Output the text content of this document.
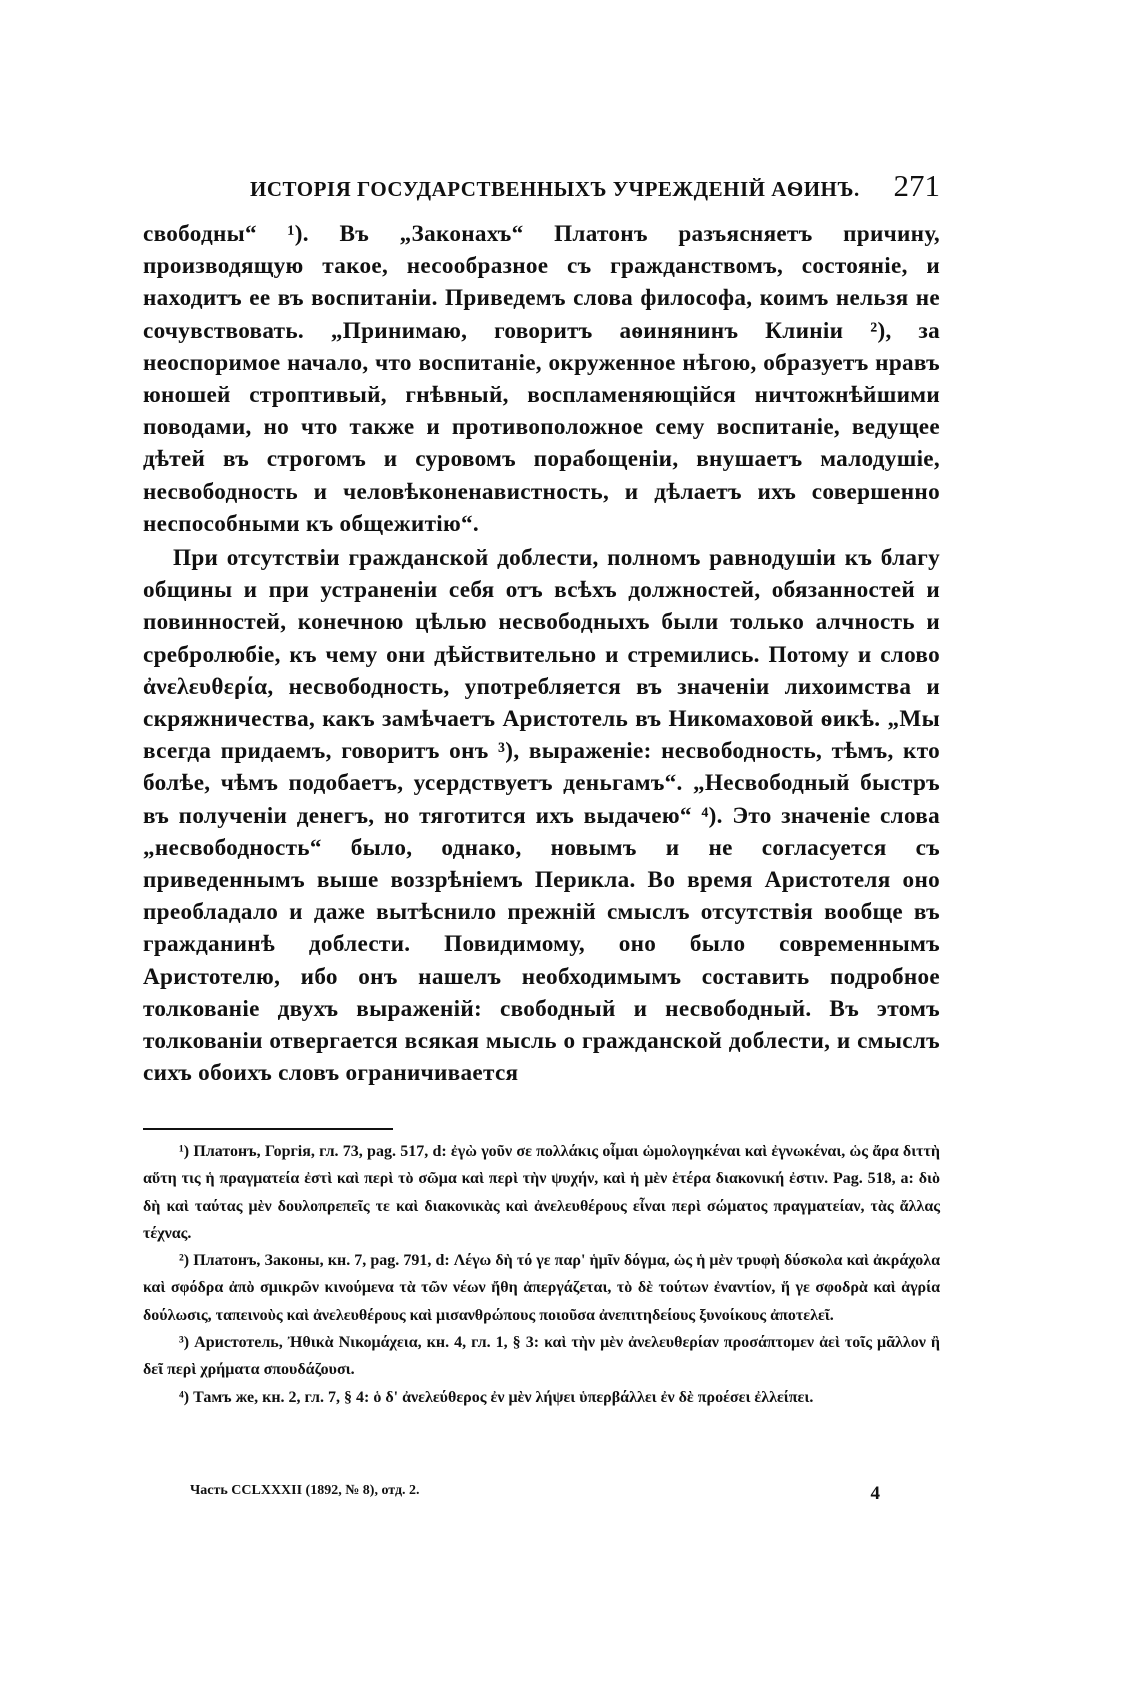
ИСТОРІЯ ГОСУДАРСТВЕННЫХЪ УЧРЕЖДЕНІЙ АѲИНЪ. 271

свободны“ ¹). Въ „Законахъ“ Платонъ разъясняетъ причину, производящую такое, несообразное съ гражданствомъ, состояніе, и находитъ ее въ воспитаніи. Приведемъ слова философа, коимъ нельзя не сочувствовать. „Принимаю, говоритъ аѳинянинъ Клиніи ²), за неоспоримое начало, что воспитаніе, окруженное нѣгою, образуетъ нравъ юношей строптивый, гнѣвный, воспламеняющійся ничтожнѣйшими поводами, но что также и противоположное сему воспитаніе, ведущее дѣтей въ строгомъ и суровомъ порабощеніи, внушаетъ малодушіе, несвободность и человѣконенавистность, и дѣлаетъ ихъ совершенно неспособными къ общежитію“.

При отсутствіи гражданской доблести, полномъ равнодушіи къ благу общины и при устраненіи себя отъ всѣхъ должностей, обязанностей и повинностей, конечною цѣлью несвободныхъ были только алчность и сребролюбіе, къ чему они дѣйствительно и стремились. Потому и слово ἀνελευθερία, несвободность, употребляется въ значеніи лихоимства и скряжничества, какъ замѣчаетъ Аристотель въ Никомаховой ѳикѣ. „Мы всегда придаемъ, говоритъ онъ ³), выраженіе: несвободность, тѣмъ, кто болѣе, чѣмъ подобаетъ, усердствуетъ деньгамъ“. „Несвободный быстръ въ полученіи денегъ, но тяготится ихъ выдачею“ ⁴). Это значеніе слова „несвободность“ было, однако, новымъ и не согласуется съ приведеннымъ выше воззрѣніемъ Перикла. Во время Аристотеля оно преобладало и даже вытѣснило прежній смыслъ отсутствія вообще въ гражданинѣ доблести. Повидимому, оно было современнымъ Аристотелю, ибо онъ нашелъ необходимымъ составить подробное толкованіе двухъ выраженій: свободный и несвободный. Въ этомъ толкованіи отвергается всякая мысль о гражданской доблести, и смыслъ сихъ обоихъ словъ ограничивается

¹) Платонъ, Горгія, гл. 73, pag. 517, d: ἐγὼ γοῦν σε πολλάκις οἶμαι ὡμολογηκέναι καὶ ἐγνωκέναι, ὡς ἄρα διττὴ αὕτη τις ἡ πραγματεία ἐστὶ καὶ περὶ τὸ σῶμα καὶ περὶ τὴν ψυχήν, καὶ ἡ μὲν ἑτέρα διακονική ἐστιν. Pag. 518, a: διὸ δὴ καὶ ταύτας μὲν δουλοπρεπεῖς τε καὶ διακονικὰς καὶ ἀνελευθέρους εἶναι περὶ σώματος πραγματείαν, τὰς ἄλλας τέχνας.

²) Платонъ, Законы, кн. 7, pag. 791, d: Λέγω δὴ τό γε παρ' ἡμῖν δόγμα, ὡς ἡ μὲν τρυφὴ δύσκολα καὶ ἀκράχολα καὶ σφόδρα ἀπὸ σμικρῶν κινούμενα τὰ τῶν νέων ἤθη ἀπεργάζεται, τὸ δὲ τούτων ἐναντίον, ἥ γε σφοδρὰ καὶ ἀγρία δούλωσις, ταπεινοὺς καὶ ἀνελευθέρους καὶ μισανθρώπους ποιοῦσα ἀνεπιτηδείους ξυνοίκους ἀποτελεῖ.

³) Аристотель, Ἠθικὰ Νικομάχεια, кн. 4, гл. 1, § 3: καὶ τὴν μὲν ἀνελευθερίαν προσάπτομεν ἀεὶ τοῖς μᾶλλον ἢ δεῖ περὶ χρήματα σπουδάζουσι.

⁴) Тамъ же, кн. 2, гл. 7, § 4: ὁ δ' ἀνελεύθερος ἐν μὲν λήψει ὑπερβάλλει ἐν δὲ προέσει ἐλλείπει.

Часть CCLXXXII (1892, № 8), отд. 2.	4
